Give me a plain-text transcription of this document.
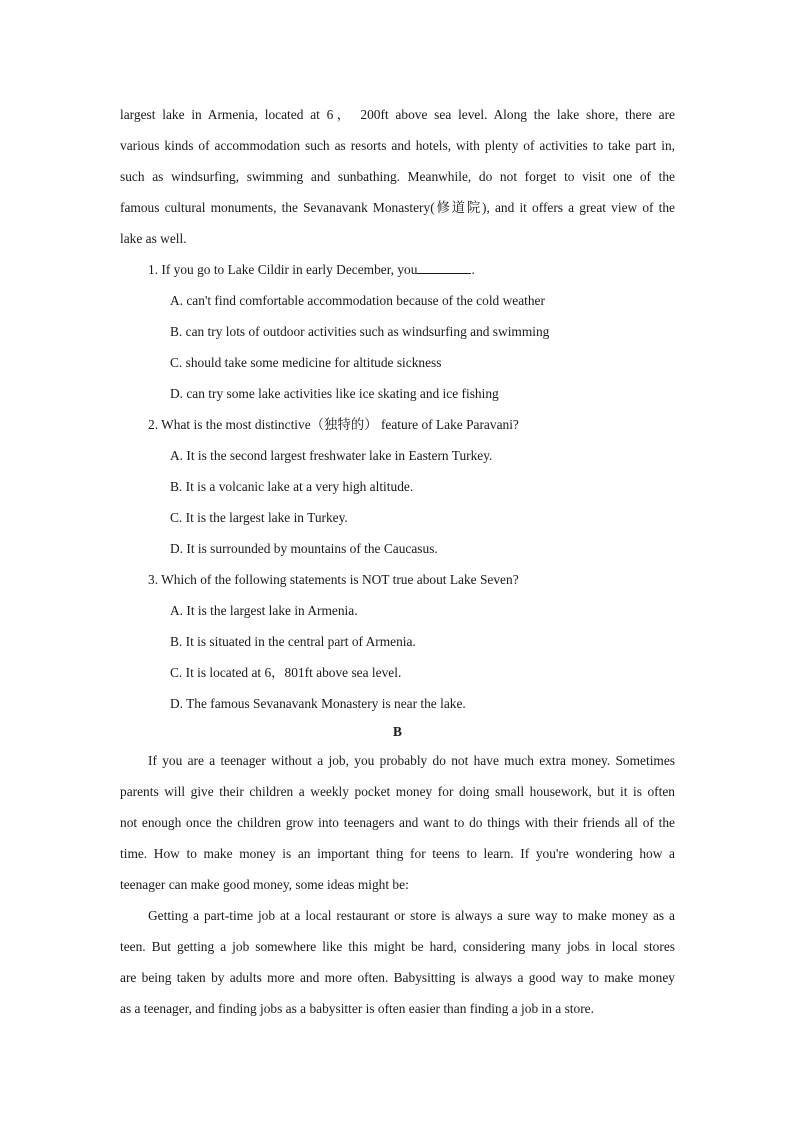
largest lake in Armenia, located at 6， 200ft above sea level. Along the lake shore, there are
various kinds of accommodation such as resorts and hotels, with plenty of activities to take part in,
such as windsurfing, swimming and sunbathing. Meanwhile, do not forget to visit one of the
famous cultural monuments, the Sevanavank Monastery(修道院), and it offers a great view of the
lake as well.
1. If you go to Lake Cildir in early December, you	.
A. can't find comfortable accommodation because of the cold weather
B. can try lots of outdoor activities such as windsurfing and swimming
C. should take some medicine for altitude sickness
D. can try some lake activities like ice skating and ice fishing
2. What is the most distinctive（独特的） feature of Lake Paravani?
A. It is the second largest freshwater lake in Eastern Turkey.
B. It is a volcanic lake at a very high altitude.
C. It is the largest lake in Turkey.
D. It is surrounded by mountains of the Caucasus.
3. Which of the following statements is NOT true about Lake Seven?
A. It is the largest lake in Armenia.
B. It is situated in the central part of Armenia.
C. It is located at 6，801ft above sea level.
D. The famous Sevanavank Monastery is near the lake.
B
If you are a teenager without a job, you probably do not have much extra money. Sometimes
parents will give their children a weekly pocket money for doing small housework, but it is often
not enough once the children grow into teenagers and want to do things with their friends all of the
time. How to make money is an important thing for teens to learn. If you're wondering how a
teenager can make good money, some ideas might be:
Getting a part-time job at a local restaurant or store is always a sure way to make money as a
teen. But getting a job somewhere like this might be hard, considering many jobs in local stores
are being taken by adults more and more often. Babysitting is always a good way to make money
as a teenager, and finding jobs as a babysitter is often easier than finding a job in a store.
